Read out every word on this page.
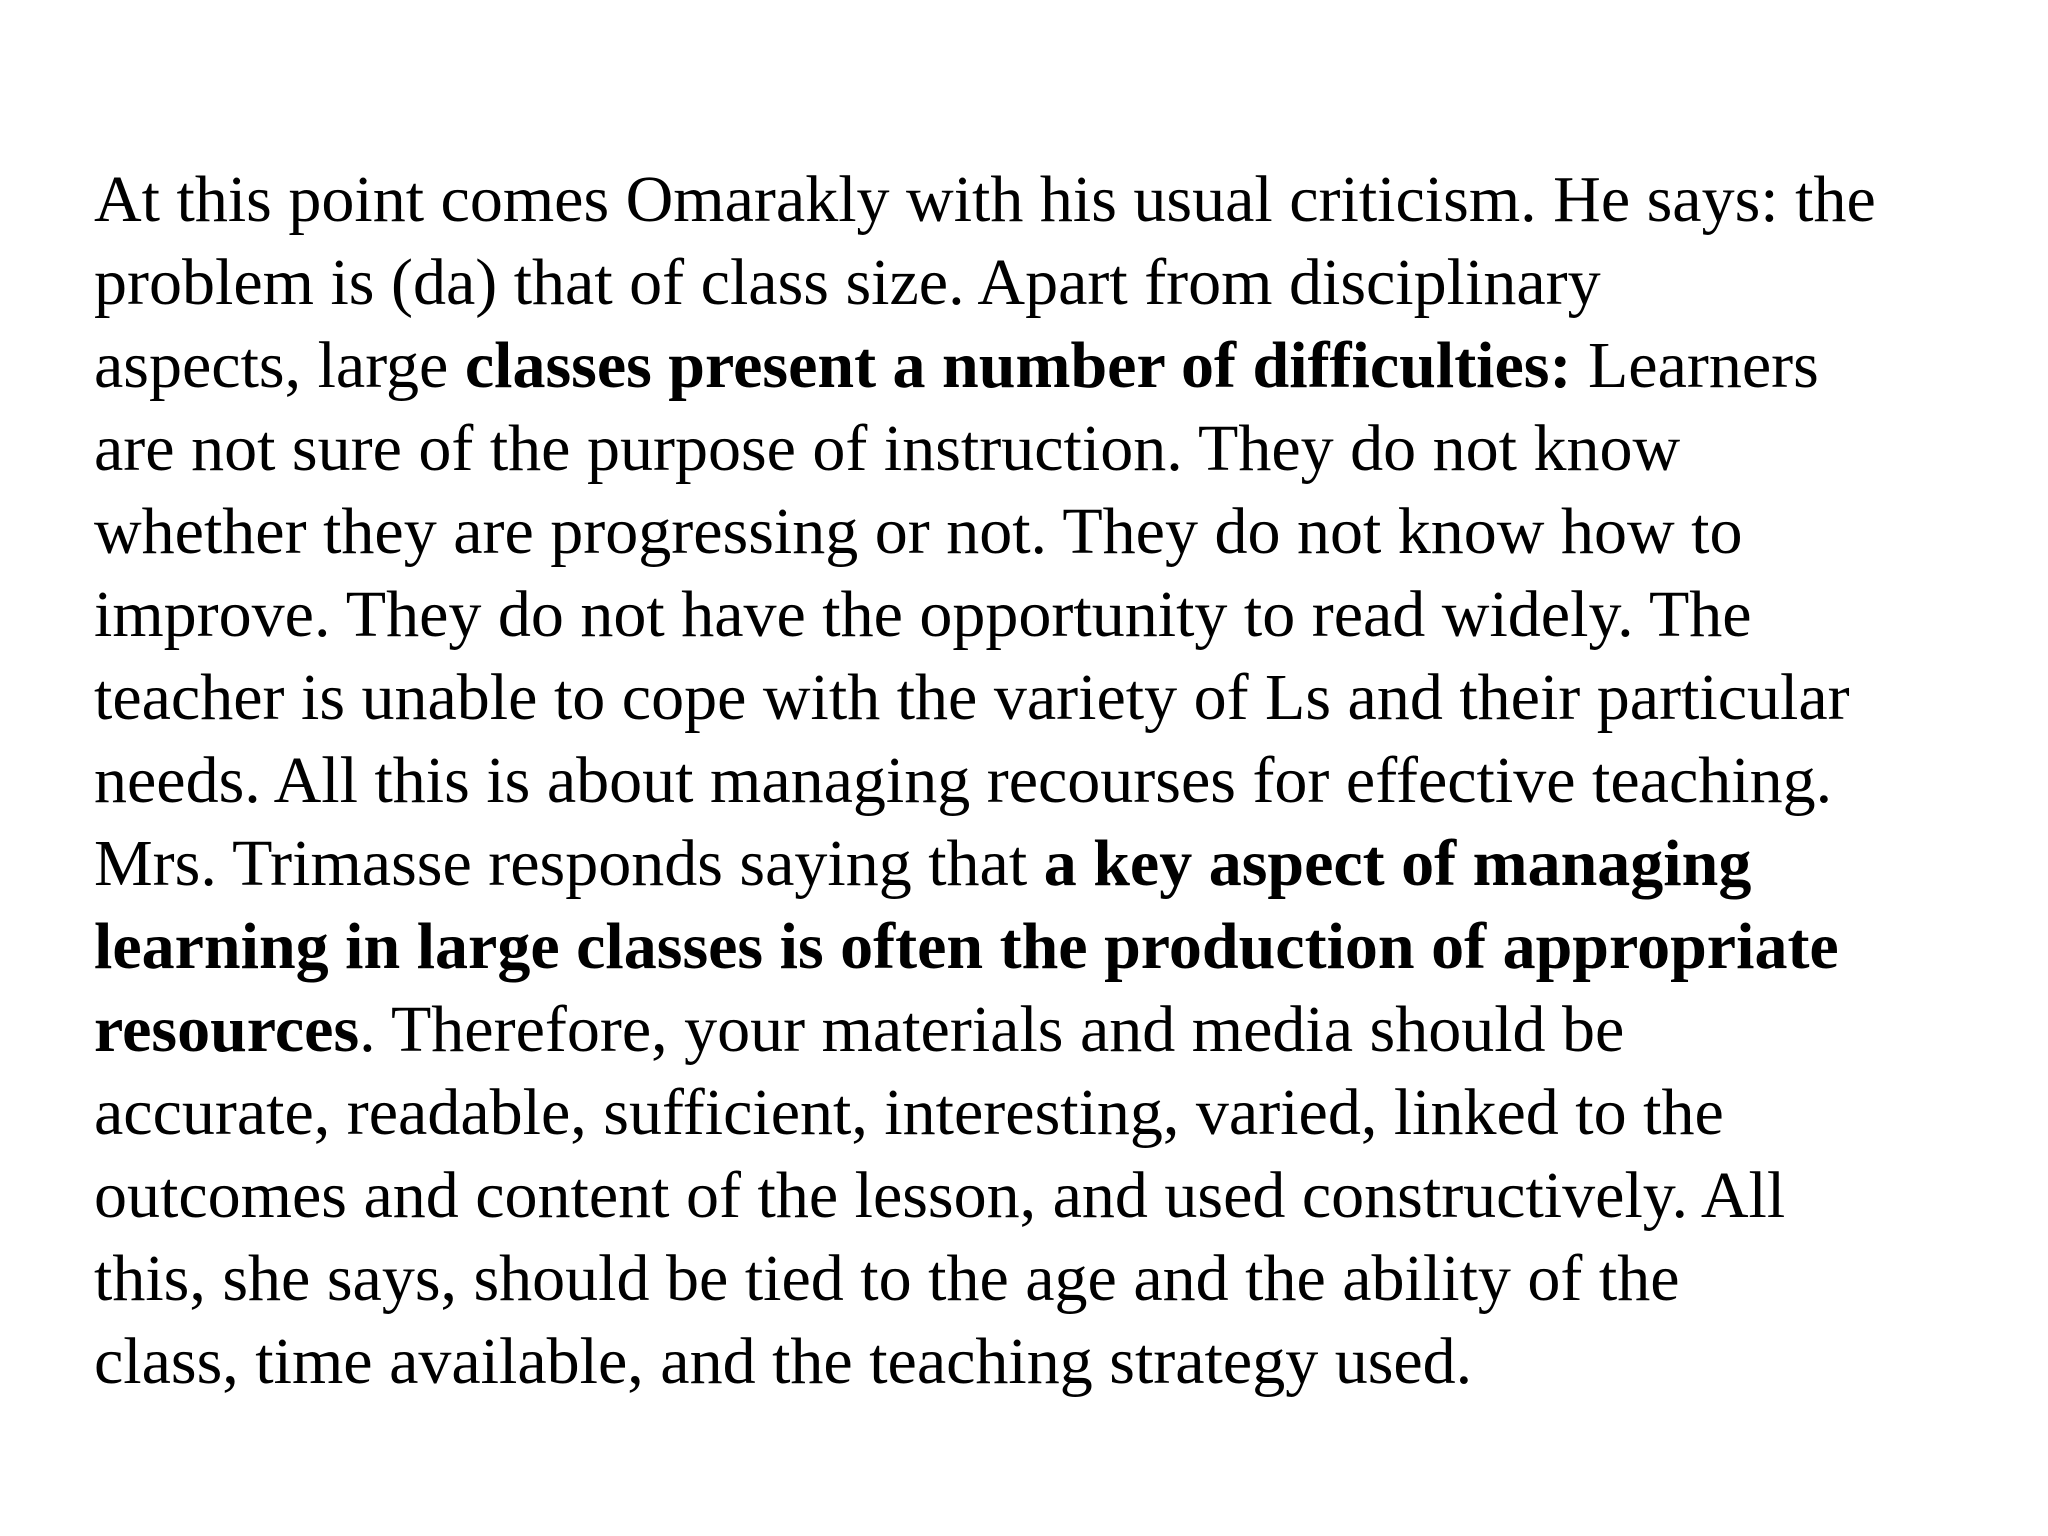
At this point comes Omarakly with his usual criticism. He says: the
problem is (da) that of class size. Apart from disciplinary
aspects, large classes present a number of difficulties: Learners
are not sure of the purpose of instruction. They do not know
whether they are progressing or not. They do not know how to
improve. They do not have the opportunity to read widely. The
teacher is unable to cope with the variety of Ls and their particular
needs. All this is about managing recourses for effective teaching.
Mrs. Trimasse responds saying that a key aspect of managing
learning in large classes is often the production of appropriate
resources. Therefore, your materials and media should be
accurate, readable, sufficient, interesting, varied, linked to the
outcomes and content of the lesson, and used constructively. All
this, she says, should be tied to the age and the ability of the
class, time available, and the teaching strategy used.
